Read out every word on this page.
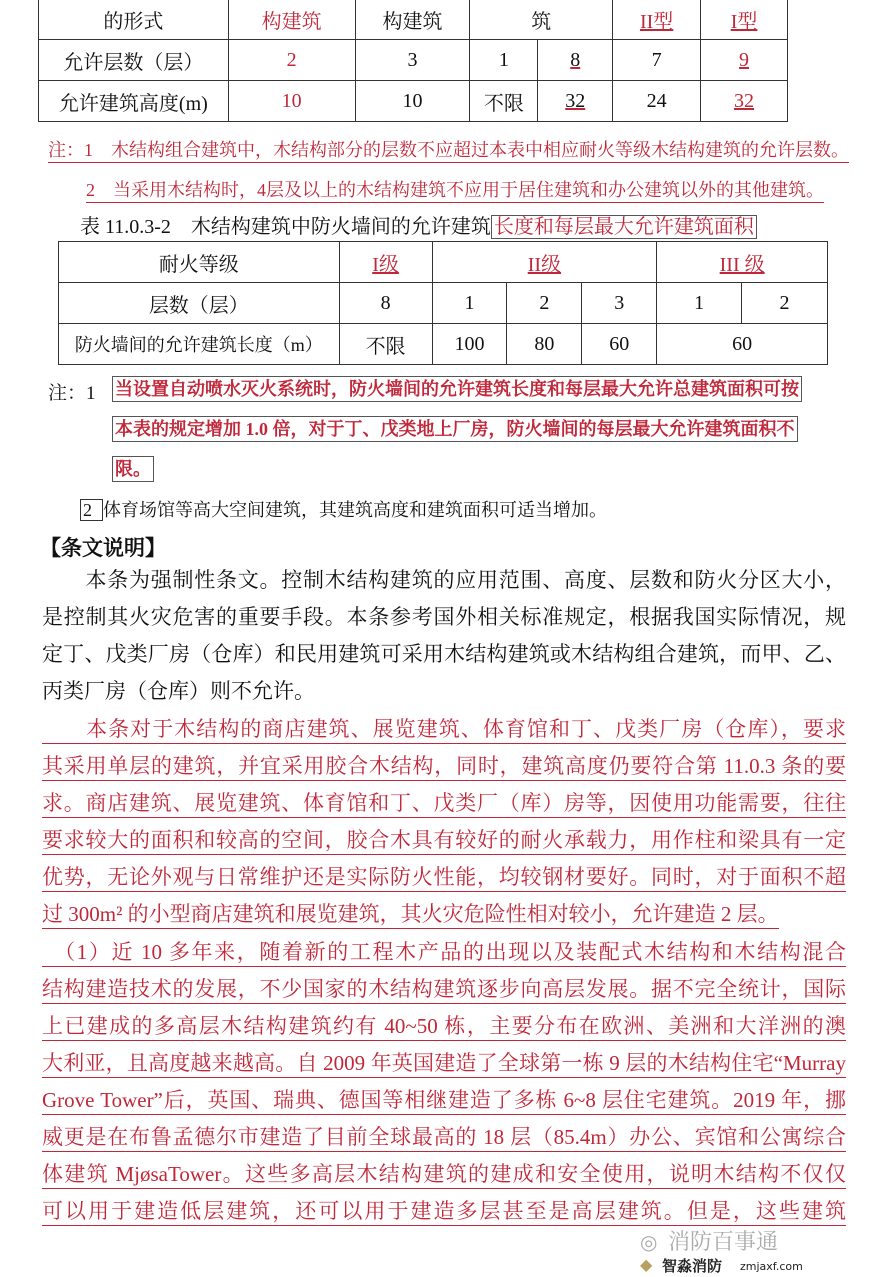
的形式	构建筑	构建筑	筑		II型	I型
允许层数（层）	2	3	1	8	7	9
允许建筑高度(m)	10	10	不限	32	24	32
注：1　木结构组合建筑中，木结构部分的层数不应超过本表中相应耐火等级木结构建筑的允许层数。
2　当采用木结构时，4层及以上的木结构建筑不应用于居住建筑和办公建筑以外的其他建筑。
表 11.0.3-2　木结构建筑中防火墙间的允许建筑 长度和每层最大允许建筑面积
耐火等级	I级	II级			III 级	
层数（层）	8	1	2	3	1	2
防火墙间的允许建筑长度（m）	不限	100	80	60	60	
注：1 当设置自动喷水灭火系统时，防火墙间的允许建筑长度和每层最大允许总建筑面积可按
本表的规定增加 1.0 倍，对于丁、戊类地上厂房，防火墙间的每层最大允许建筑面积不
限。
2 体育场馆等高大空间建筑，其建筑高度和建筑面积可适当增加。
【条文说明】
　　本条为强制性条文。控制木结构建筑的应用范围、高度、层数和防火分区大小，
是控制其火灾危害的重要手段。本条参考国外相关标准规定，根据我国实际情况，规
定丁、戊类厂房（仓库）和民用建筑可采用木结构建筑或木结构组合建筑，而甲、乙、
丙类厂房（仓库）则不允许。
　　本条对于木结构的商店建筑、展览建筑、体育馆和丁、戊类厂房（仓库），要求
其采用单层的建筑，并宜采用胶合木结构，同时，建筑高度仍要符合第 11.0.3 条的要
求。商店建筑、展览建筑、体育馆和丁、戊类厂（库）房等，因使用功能需要，往往
要求较大的面积和较高的空间，胶合木具有较好的耐火承载力，用作柱和梁具有一定
优势，无论外观与日常维护还是实际防火性能，均较钢材要好。同时，对于面积不超
过 300m² 的小型商店建筑和展览建筑，其火灾危险性相对较小，允许建造 2 层。
　（1）近 10 多年来，随着新的工程木产品的出现以及装配式木结构和木结构混合
结构建造技术的发展，不少国家的木结构建筑逐步向高层发展。据不完全统计，国际
上已建成的多高层木结构建筑约有 40~50 栋，主要分布在欧洲、美洲和大洋洲的澳
大利亚，且高度越来越高。自 2009 年英国建造了全球第一栋 9 层的木结构住宅“Murray
Grove Tower”后，英国、瑞典、德国等相继建造了多栋 6~8 层住宅建筑。2019 年，挪
威更是在布鲁孟德尔市建造了目前全球最高的 18 层（85.4m）办公、宾馆和公寓综合
体建筑 MjøsaTower。这些多高层木结构建筑的建成和安全使用，说明木结构不仅仅
可以用于建造低层建筑，还可以用于建造多层甚至是高层建筑。但是，这些建筑
◎ 消防百事通
◆ 智淼消防 zmjaxf.com
